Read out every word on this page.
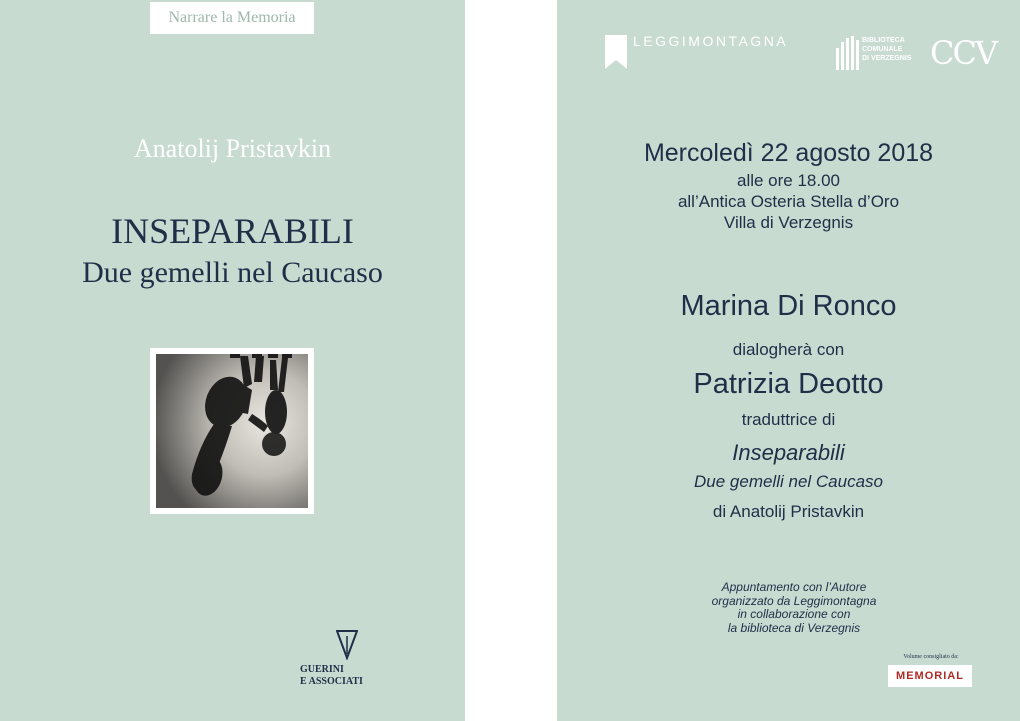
Narrare la Memoria
Anatolij Pristavkin
INSEPARABILI
Due gemelli nel Caucaso
GUERINI
E ASSOCIATI
LEGGIMONTAGNA	BIBLIOTECA
COMUNALE
DI VERZEGNIS CCV
Mercoledì 22 agosto 2018
alle ore 18.00
all’Antica Osteria Stella d’Oro
Villa di Verzegnis
Marina Di Ronco
dialogherà con
Patrizia Deotto
traduttrice di
Inseparabili
Due gemelli nel Caucaso
di Anatolij Pristavkin
Appuntamento con l’Autore
organizzato da Leggimontagna
in collaborazione con
la biblioteca di Verzegnis
Volume consigliato da:
MEMORIAL
